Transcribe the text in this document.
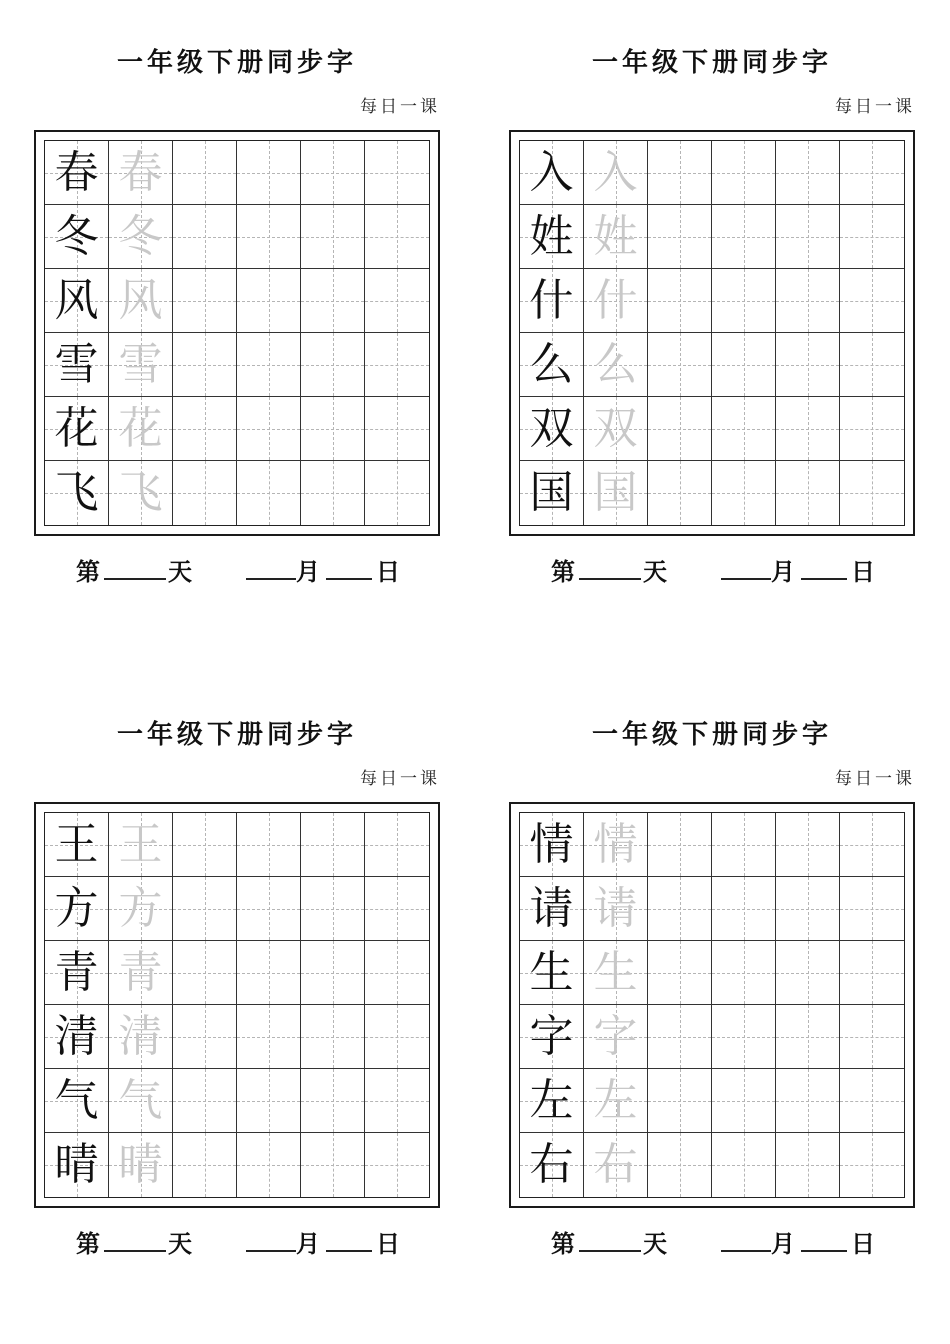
一年级下册同步字
每日一课
春 春
冬 冬
风 风
雪 雪
花 花
飞 飞
第	天	月 日
一年级下册同步字
每日一课
入 入
姓 姓
什 什
么 么
双 双
国 国
第	天	月 日
一年级下册同步字
每日一课
王 王
方 方
青 青
清 清
气 气
晴 晴
第	天	月 日
一年级下册同步字
每日一课
情 情
请 请
生 生
字 字
左 左
右 右
第	天	月 日
